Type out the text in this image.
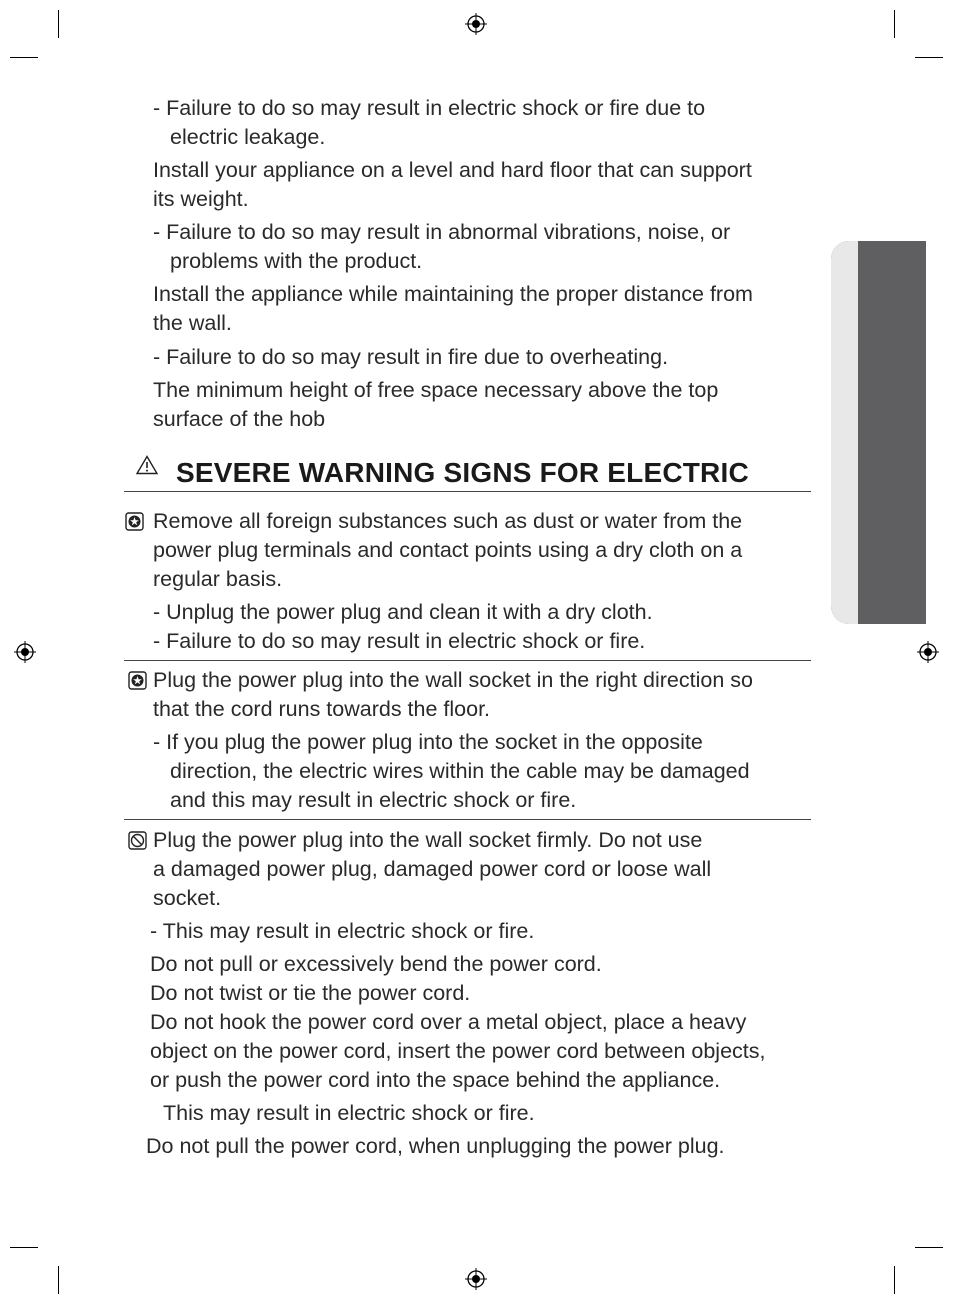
- Failure to do so may result in electric shock or fire due to
electric leakage.
Install your appliance on a level and hard floor that can support
its weight.
- Failure to do so may result in abnormal vibrations, noise, or
problems with the product.
Install the appliance while maintaining the proper distance from
the wall.
- Failure to do so may result in fire due to overheating.
The minimum height of free space necessary above the top
surface of the hob
SEVERE WARNING SIGNS FOR ELECTRIC
Remove all foreign substances such as dust or water from the
power plug terminals and contact points using a dry cloth on a
regular basis.
- Unplug the power plug and clean it with a dry cloth.
- Failure to do so may result in electric shock or fire.
Plug the power plug into the wall socket in the right direction so
that the cord runs towards the floor.
- If you plug the power plug into the socket in the opposite
direction, the electric wires within the cable may be damaged
and this may result in electric shock or fire.
Plug the power plug into the wall socket firmly. Do not use
a damaged power plug, damaged power cord or loose wall
socket.
- This may result in electric shock or fire.
Do not pull or excessively bend the power cord.
Do not twist or tie the power cord.
Do not hook the power cord over a metal object, place a heavy
object on the power cord, insert the power cord between objects,
or push the power cord into the space behind the appliance.
This may result in electric shock or fire.
Do not pull the power cord, when unplugging the power plug.
